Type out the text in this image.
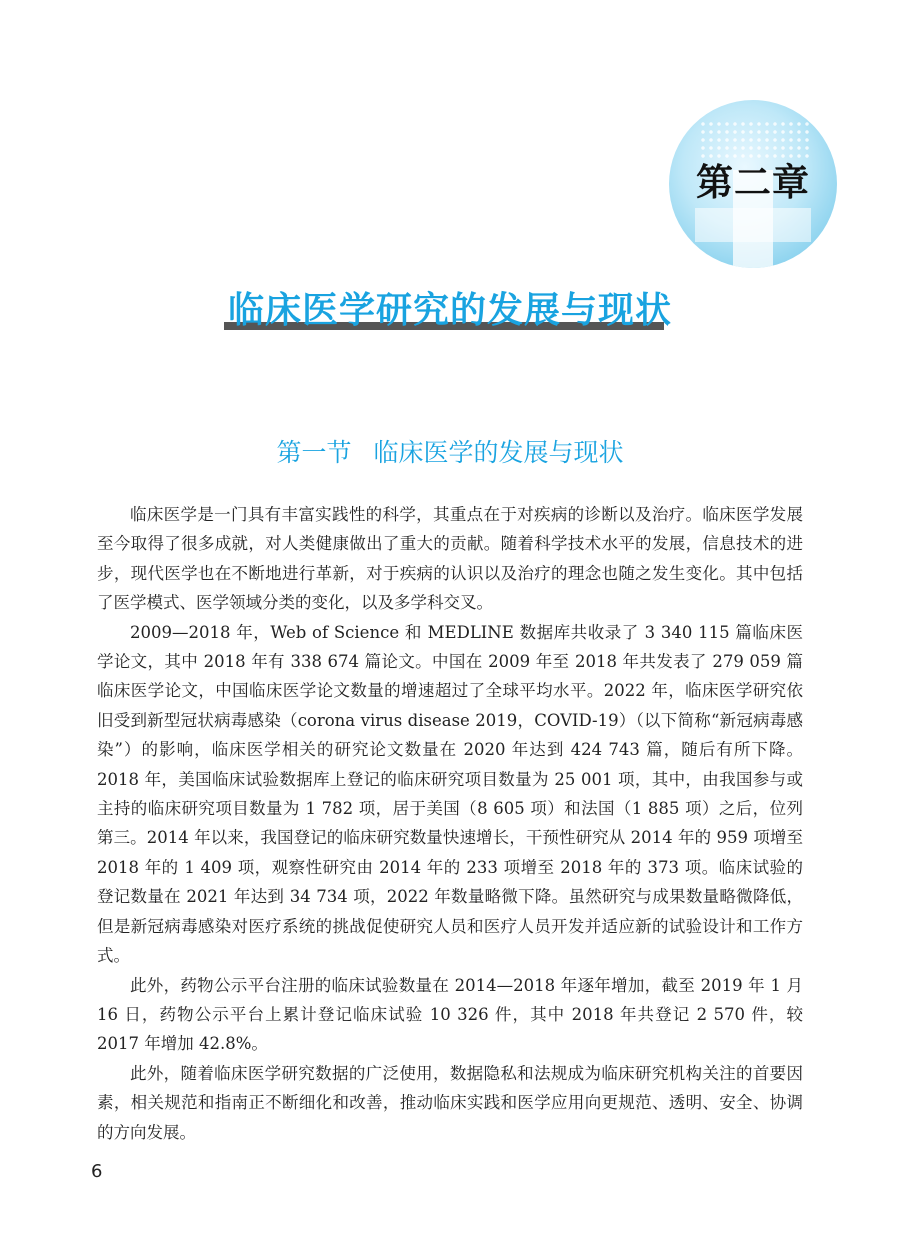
第二章
临床医学研究的发展与现状
第一节 临床医学的发展与现状

临床医学是一门具有丰富实践性的科学，其重点在于对疾病的诊断以及治疗。临床医学发展至今取得了很多成就，对人类健康做出了重大的贡献。随着科学技术水平的发展，信息技术的进步，现代医学也在不断地进行革新，对于疾病的认识以及治疗的理念也随之发生变化。其中包括了医学模式、医学领域分类的变化，以及多学科交叉。

2009—2018 年，Web of Science 和 MEDLINE 数据库共收录了 3 340 115 篇临床医学论文，其中 2018 年有 338 674 篇论文。中国在 2009 年至 2018 年共发表了 279 059 篇临床医学论文，中国临床医学论文数量的增速超过了全球平均水平。2022 年，临床医学研究依旧受到新型冠状病毒感染（corona virus disease 2019，COVID-19）（以下简称“新冠病毒感染”）的影响，临床医学相关的研究论文数量在 2020 年达到 424 743 篇，随后有所下降。2018 年，美国临床试验数据库上登记的临床研究项目数量为 25 001 项，其中，由我国参与或主持的临床研究项目数量为 1 782 项，居于美国（8 605 项）和法国（1 885 项）之后，位列第三。2014 年以来，我国登记的临床研究数量快速增长，干预性研究从 2014 年的 959 项增至 2018 年的 1 409 项，观察性研究由 2014 年的 233 项增至 2018 年的 373 项。临床试验的登记数量在 2021 年达到 34 734 项，2022 年数量略微下降。虽然研究与成果数量略微降低，但是新冠病毒感染对医疗系统的挑战促使研究人员和医疗人员开发并适应新的试验设计和工作方式。

此外，药物公示平台注册的临床试验数量在 2014—2018 年逐年增加，截至 2019 年 1 月 16 日，药物公示平台上累计登记临床试验 10 326 件，其中 2018 年共登记 2 570 件，较 2017 年增加 42.8%。

此外，随着临床医学研究数据的广泛使用，数据隐私和法规成为临床研究机构关注的首要因素，相关规范和指南正不断细化和改善，推动临床实践和医学应用向更规范、透明、安全、协调的方向发展。

6
